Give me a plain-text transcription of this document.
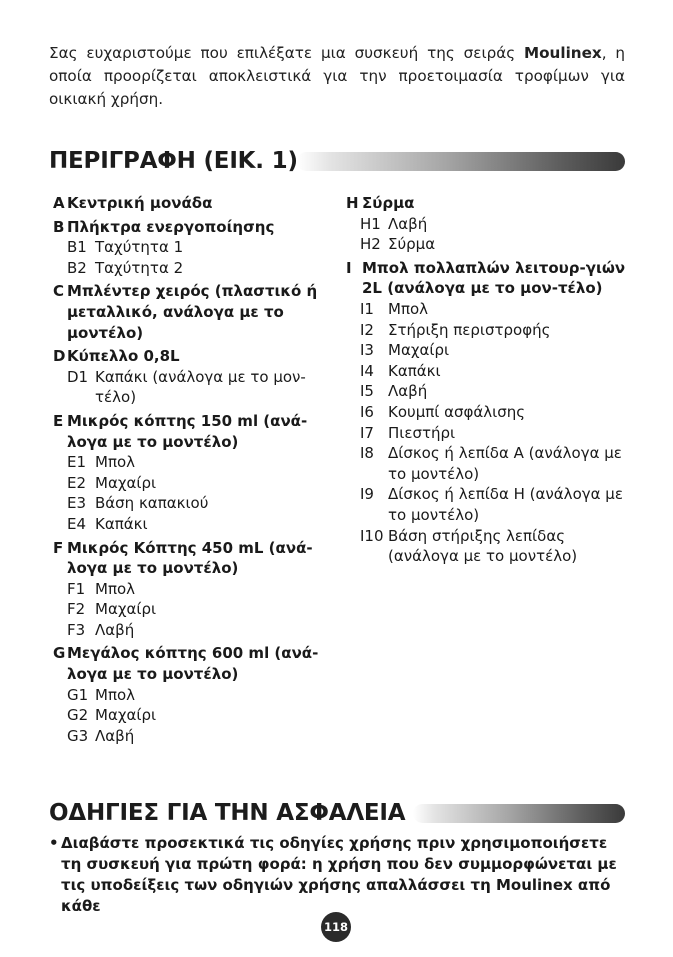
Σας ευχαριστούμε που επιλέξατε μια συσκευή της σειράς Moulinex, η οποία προορίζεται αποκλειστικά για την προετοιμασία τροφίμων για οικιακή χρήση.
ΠΕΡΙΓΡΑΦΗ (ΕΙΚ. 1)
A Κεντρική μονάδα
B Πλήκτρα ενεργοποίησης
B1 Ταχύτητα 1
B2 Ταχύτητα 2
C Μπλέντερ χειρός (πλαστικό ή μεταλλικό, ανάλογα με το μοντέλο)
D Κύπελλο 0,8L
D1 Καπάκι (ανάλογα με το μον-τέλο)
E Μικρός κόπτης 150 ml (ανά-λογα με το μοντέλο)
E1 Μπολ
E2 Μαχαίρι
E3 Βάση καπακιού
E4 Καπάκι
F Μικρός Κόπτης 450 mL (ανά-λογα με το μοντέλο)
F1 Μπολ
F2 Μαχαίρι
F3 Λαβή
G Μεγάλος κόπτης 600 ml (ανά-λογα με το μοντέλο)
G1 Μπολ
G2 Μαχαίρι
G3 Λαβή
H Σύρμα
H1 Λαβή
H2 Σύρμα
I Μπολ πολλαπλών λειτουρ-γιών 2L (ανάλογα με το μον-τέλο)
I1 Μπολ
I2 Στήριξη περιστροφής
I3 Μαχαίρι
I4 Καπάκι
I5 Λαβή
I6 Κουμπί ασφάλισης
I7 Πιεστήρι
I8 Δίσκος ή λεπίδα A (ανάλογα με το μοντέλο)
I9 Δίσκος ή λεπίδα H (ανάλογα με το μοντέλο)
I10 Βάση στήριξης λεπίδας (ανάλογα με το μοντέλο)
ΟΔΗΓΙΕΣ ΓΙΑ ΤΗΝ ΑΣΦΑΛΕΙΑ
• Διαβάστε προσεκτικά τις οδηγίες χρήσης πριν χρησιμοποιήσετε τη συσκευή για πρώτη φορά: η χρήση που δεν συμμορφώνεται με τις υποδείξεις των οδηγιών χρήσης απαλλάσσει τη Moulinex από κάθε
118
